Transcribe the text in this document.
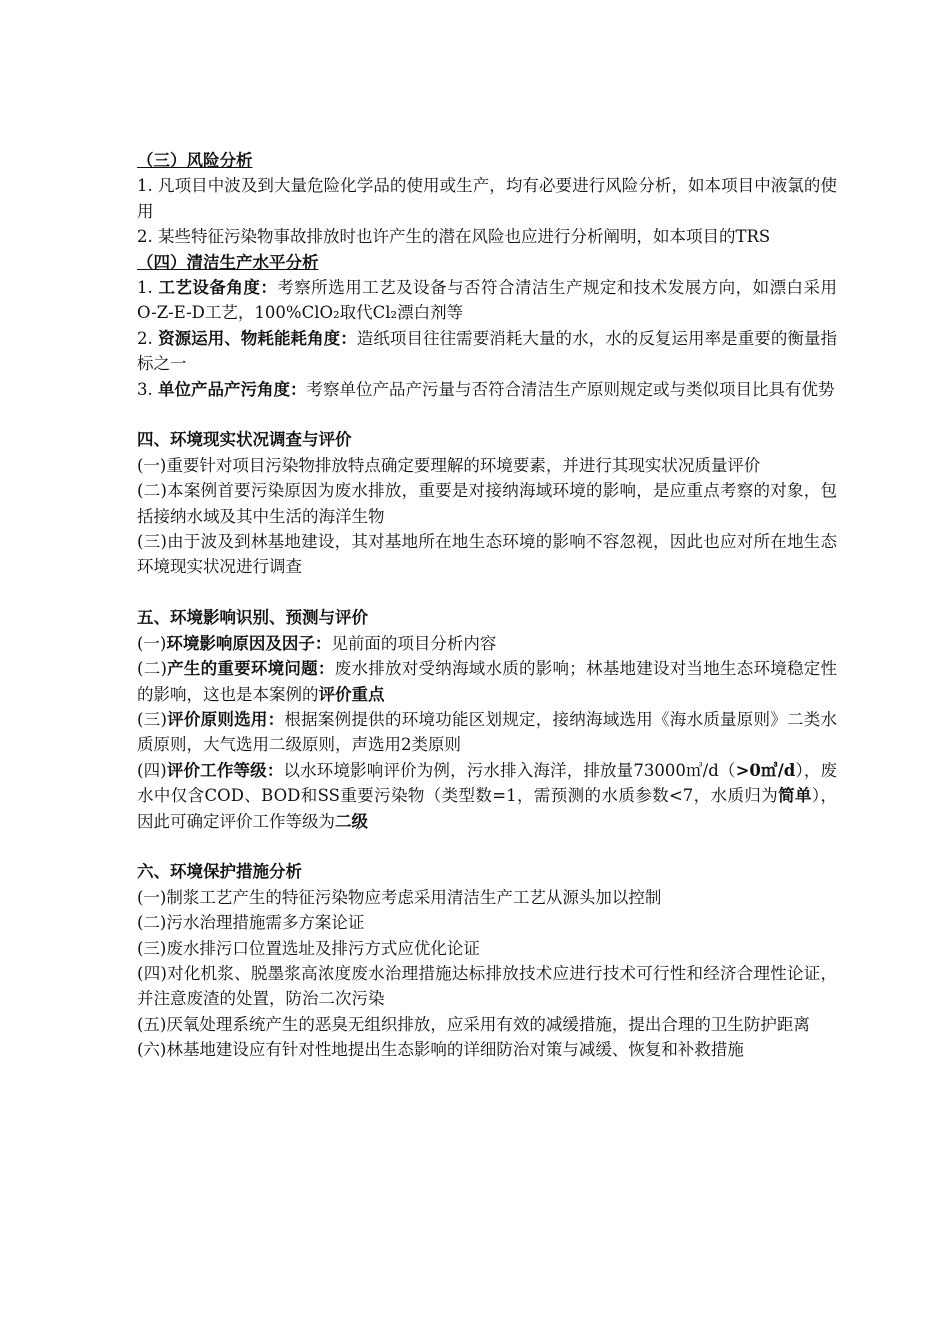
（三）风险分析

1. 凡项目中波及到大量危险化学品的使用或生产，均有必要进行风险分析，如本项目中液氯的使用

2. 某些特征污染物事故排放时也许产生的潜在风险也应进行分析阐明，如本项目的TRS

（四）清洁生产水平分析

1. 工艺设备角度：考察所选用工艺及设备与否符合清洁生产规定和技术发展方向，如漂白采用O-Z-E-D工艺，100%ClO₂取代Cl₂漂白剂等

2. 资源运用、物耗能耗角度：造纸项目往往需要消耗大量的水，水的反复运用率是重要的衡量指标之一

3. 单位产品产污角度：考察单位产品产污量与否符合清洁生产原则规定或与类似项目比具有优势

四、环境现实状况调查与评价

(一)重要针对项目污染物排放特点确定要理解的环境要素，并进行其现实状况质量评价

(二)本案例首要污染原因为废水排放，重要是对接纳海域环境的影响，是应重点考察的对象，包括接纳水域及其中生活的海洋生物

(三)由于波及到林基地建设，其对基地所在地生态环境的影响不容忽视，因此也应对所在地生态环境现实状况进行调查

五、环境影响识别、预测与评价

(一)环境影响原因及因子：见前面的项目分析内容

(二)产生的重要环境问题：废水排放对受纳海域水质的影响；林基地建设对当地生态环境稳定性的影响，这也是本案例的评价重点

(三)评价原则选用：根据案例提供的环境功能区划规定，接纳海域选用《海水质量原则》二类水质原则，大气选用二级原则，声选用2类原则

(四)评价工作等级：以水环境影响评价为例，污水排入海洋，排放量73000㎥/d（>0㎥/d），废水中仅含COD、BOD和SS重要污染物（类型数=1，需预测的水质参数<7，水质归为简单），因此可确定评价工作等级为二级

六、环境保护措施分析

(一)制浆工艺产生的特征污染物应考虑采用清洁生产工艺从源头加以控制

(二)污水治理措施需多方案论证

(三)废水排污口位置选址及排污方式应优化论证

(四)对化机浆、脱墨浆高浓度废水治理措施达标排放技术应进行技术可行性和经济合理性论证，并注意废渣的处置，防治二次污染

(五)厌氧处理系统产生的恶臭无组织排放，应采用有效的减缓措施，提出合理的卫生防护距离

(六)林基地建设应有针对性地提出生态影响的详细防治对策与减缓、恢复和补救措施
